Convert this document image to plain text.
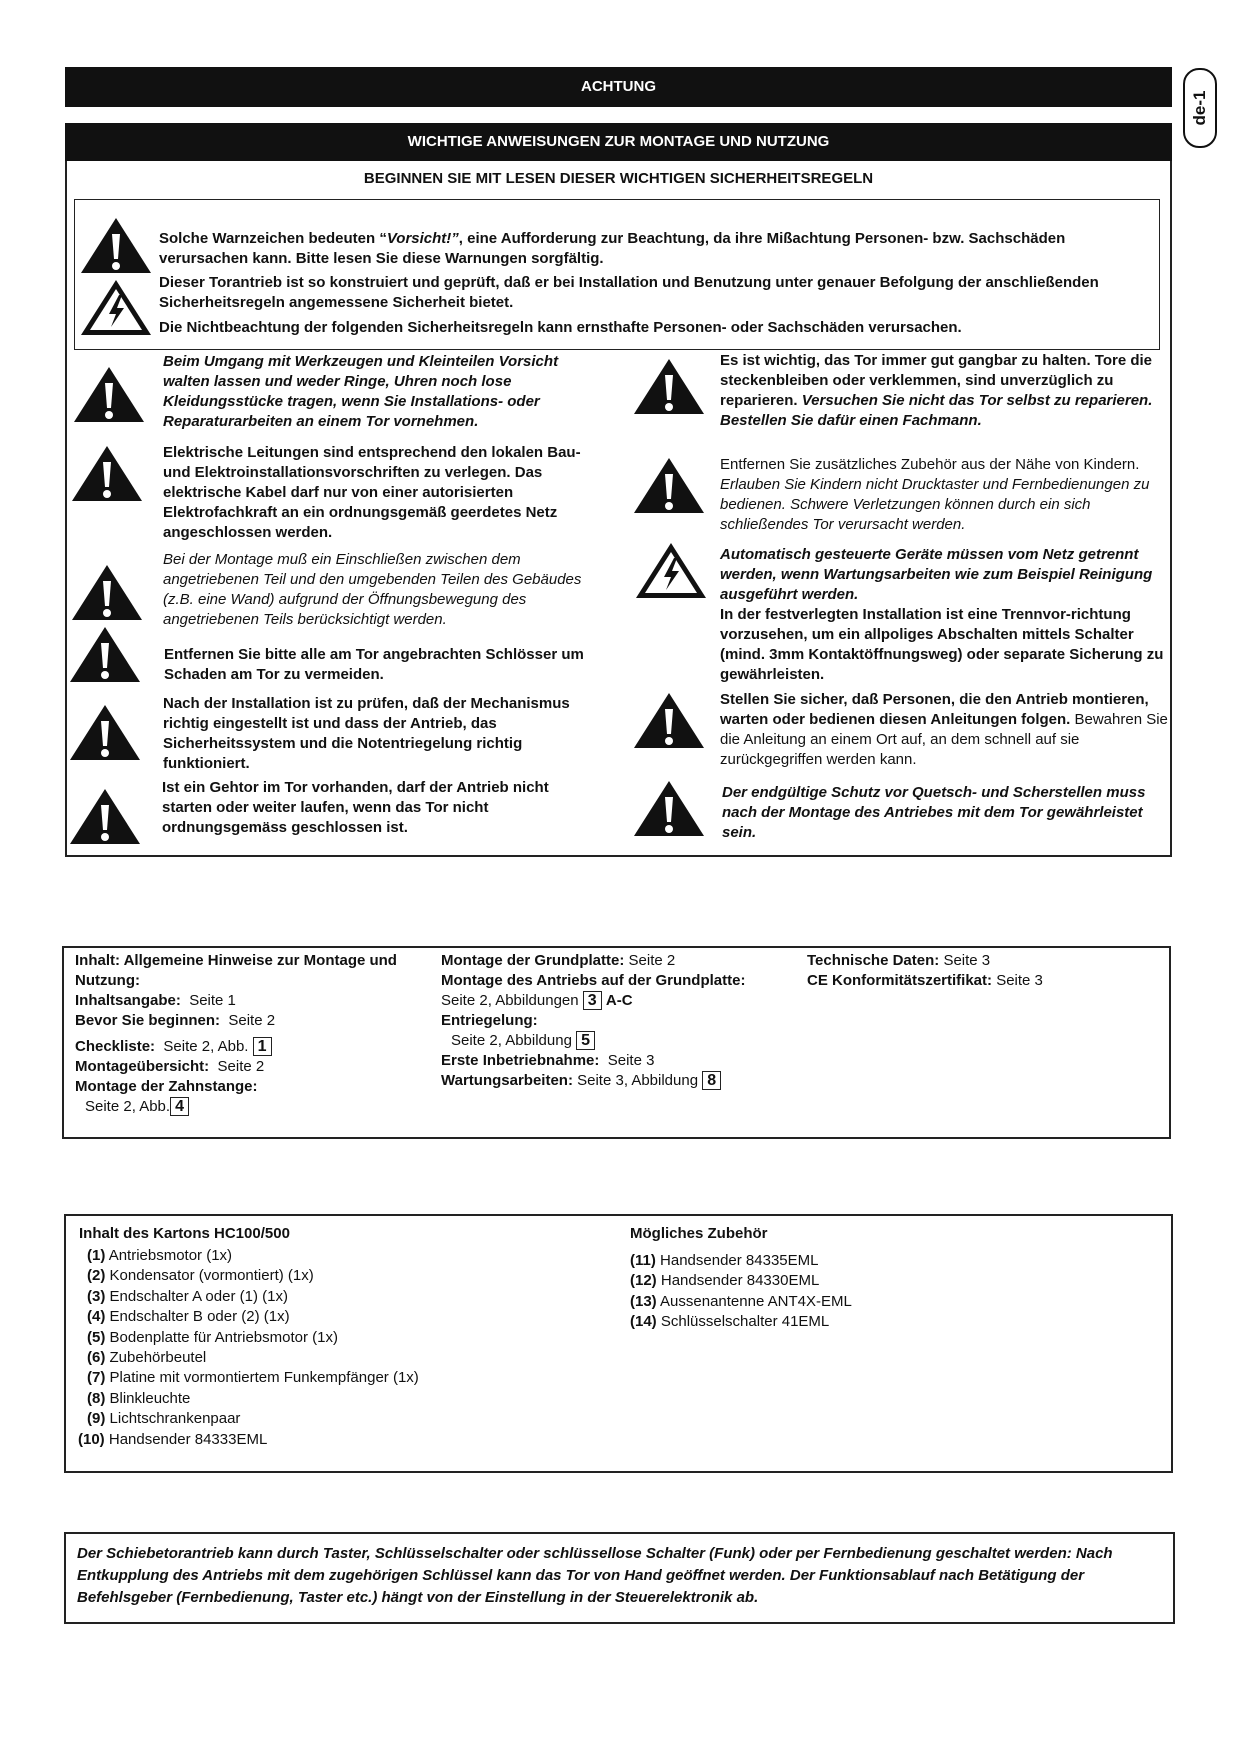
de-1
ACHTUNG
WICHTIGE ANWEISUNGEN ZUR MONTAGE UND NUTZUNG
BEGINNEN SIE MIT LESEN DIESER WICHTIGEN SICHERHEITSREGELN
Solche Warnzeichen bedeuten “Vorsicht!”, eine Aufforderung zur Beachtung, da ihre Mißachtung Personen- bzw. Sachschäden verursachen kann. Bitte lesen Sie diese Warnungen sorgfältig.
Dieser Torantrieb ist so konstruiert und geprüft, daß er bei Installation und Benutzung unter genauer Befolgung der anschließenden Sicherheitsregeln angemessene Sicherheit bietet.
Die Nichtbeachtung der folgenden Sicherheitsregeln kann ernsthafte Personen- oder Sachschäden verursachen.
Beim Umgang mit Werkzeugen und Kleinteilen Vorsicht walten lassen und weder Ringe, Uhren noch lose Kleidungsstücke tragen, wenn Sie Installations- oder Reparaturarbeiten an einem Tor vornehmen.
Elektrische Leitungen sind entsprechend den lokalen Bau- und Elektroinstallationsvorschriften zu verlegen. Das elektrische Kabel darf nur von einer autorisierten Elektrofachkraft an ein ordnungsgemäß geerdetes Netz angeschlossen werden.
Bei der Montage muß ein Einschließen zwischen dem angetriebenen Teil und den umgebenden Teilen des Gebäudes (z.B. eine Wand) aufgrund der Öffnungsbewegung des angetriebenen Teils berücksichtigt werden.
Entfernen Sie bitte alle am Tor angebrachten Schlösser um Schaden am Tor zu vermeiden.
Nach der Installation ist zu prüfen, daß der Mechanismus richtig eingestellt ist und dass der Antrieb, das Sicherheitssystem und die Notentriegelung richtig funktioniert.
Ist ein Gehtor im Tor vorhanden, darf der Antrieb nicht starten oder weiter laufen, wenn das Tor nicht ordnungsgemäss geschlossen ist.
Es ist wichtig, das Tor immer gut gangbar zu halten. Tore die steckenbleiben oder verklemmen, sind unverzüglich zu reparieren. Versuchen Sie nicht das Tor selbst zu reparieren. Bestellen Sie dafür einen Fachmann.
Entfernen Sie zusätzliches Zubehör aus der Nähe von Kindern. Erlauben Sie Kindern nicht Drucktaster und Fernbedienungen zu bedienen. Schwere Verletzungen können durch ein sich schließendes Tor verursacht werden.
Automatisch gesteuerte Geräte müssen vom Netz getrennt werden, wenn Wartungsarbeiten wie zum Beispiel Reinigung ausgeführt werden.
In der festverlegten Installation ist eine Trennvor-richtung vorzusehen, um ein allpoliges Abschalten mittels Schalter (mind. 3mm Kontaktöffnungsweg) oder separate Sicherung zu gewährleisten.
Stellen Sie sicher, daß Personen, die den Antrieb montieren, warten oder bedienen diesen Anleitungen folgen. Bewahren Sie die Anleitung an einem Ort auf, an dem schnell auf sie zurückgegriffen werden kann.
Der endgültige Schutz vor Quetsch- und Scherstellen muss nach der Montage des Antriebes mit dem Tor gewährleistet sein.
Inhalt: Allgemeine Hinweise zur Montage und Nutzung:
Inhaltsangabe: Seite 1
Bevor Sie beginnen: Seite 2
Checkliste: Seite 2, Abb. 1
Montageübersicht: Seite 2
Montage der Zahnstange:
Seite 2, Abb. 4
Montage der Grundplatte: Seite 2
Montage des Antriebs auf der Grundplatte:
Seite 2, Abbildungen 3 A-C
Entriegelung:
Seite 2, Abbildung 5
Erste Inbetriebnahme: Seite 3
Wartungsarbeiten: Seite 3, Abbildung 8
Technische Daten: Seite 3
CE Konformitätszertifikat: Seite 3
Inhalt des Kartons HC100/500
(1) Antriebsmotor (1x)
(2) Kondensator (vormontiert) (1x)
(3) Endschalter A oder (1) (1x)
(4) Endschalter B oder (2) (1x)
(5) Bodenplatte für Antriebsmotor (1x)
(6) Zubehörbeutel
(7) Platine mit vormontiertem Funkempfänger (1x)
(8) Blinkleuchte
(9) Lichtschrankenpaar
(10) Handsender 84333EML
Mögliches Zubehör
(11) Handsender 84335EML
(12) Handsender 84330EML
(13) Aussenantenne ANT4X-EML
(14) Schlüsselschalter 41EML
Der Schiebetorantrieb kann durch Taster, Schlüsselschalter oder schlüssellose Schalter (Funk) oder per Fernbedienung geschaltet werden: Nach Entkupplung des Antriebs mit dem zugehörigen Schlüssel kann das Tor von Hand geöffnet werden. Der Funktionsablauf nach Betätigung der Befehlsgeber (Fernbedienung, Taster etc.) hängt von der Einstellung in der Steuerelektronik ab.
